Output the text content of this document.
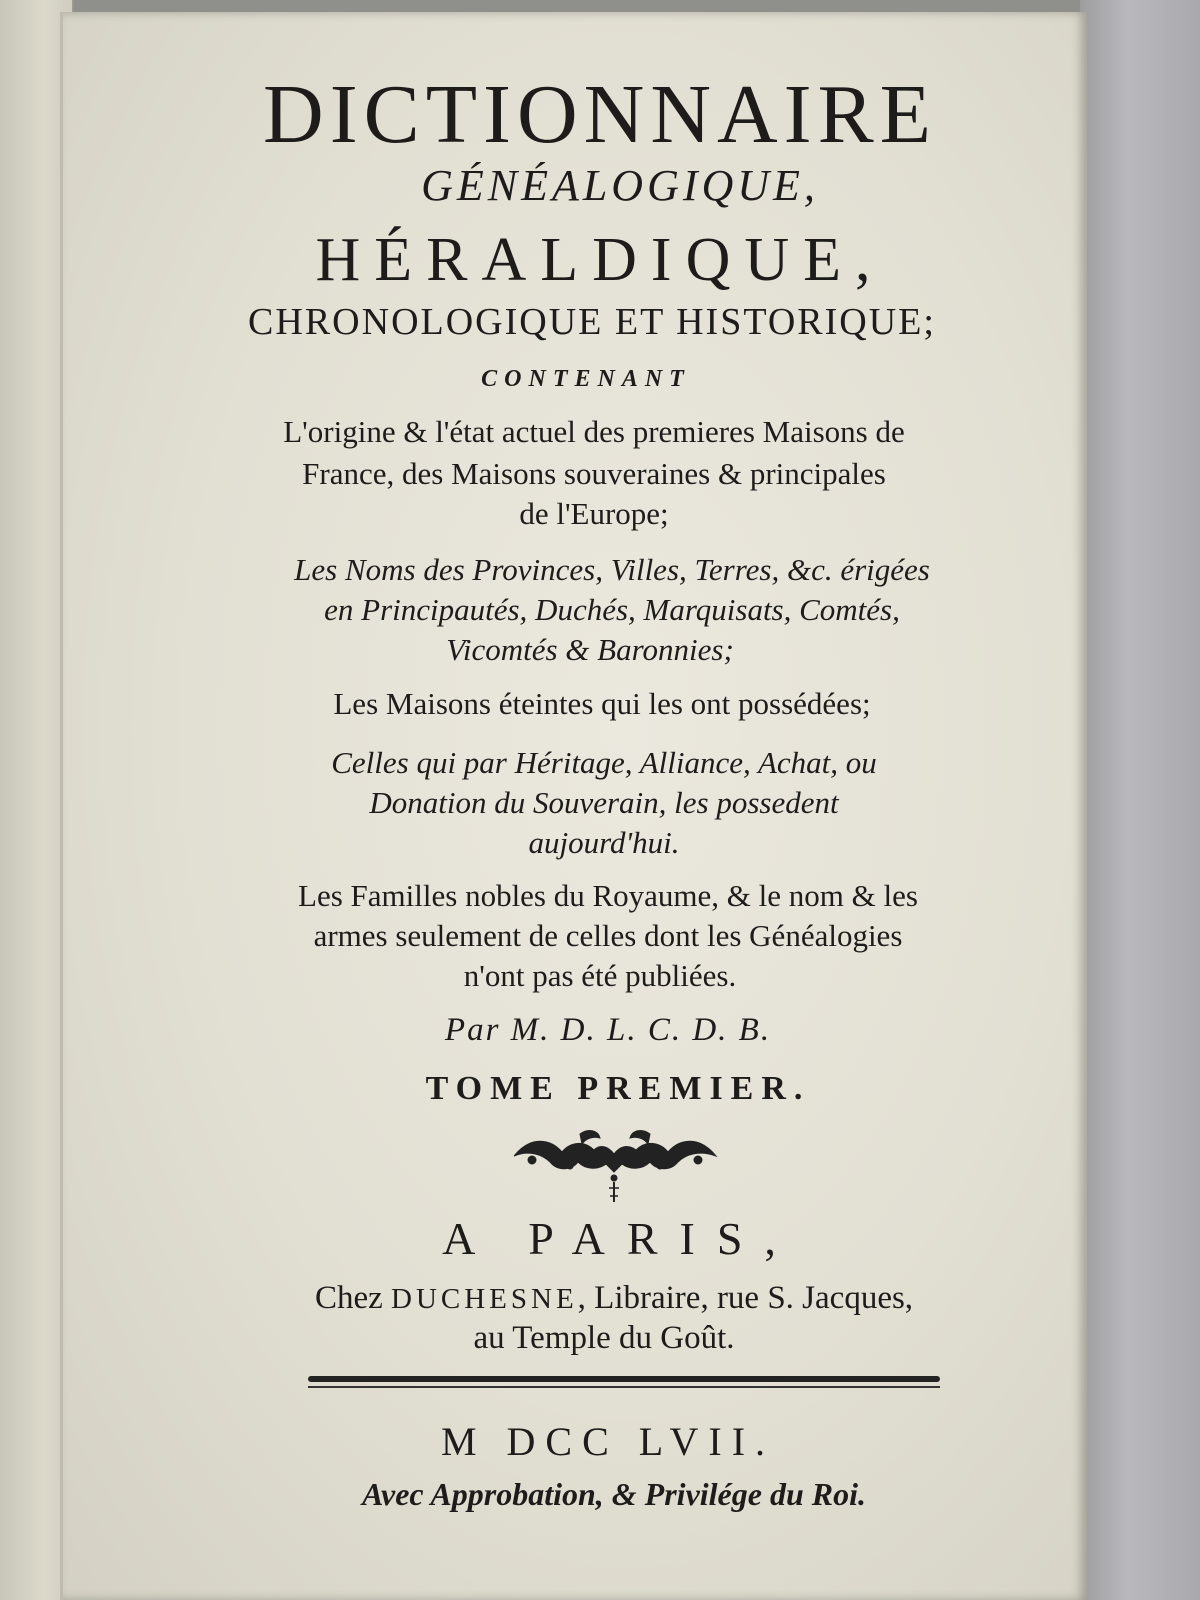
DICTIONNAIRE
GÉNÉALOGIQUE,
HÉRALDIQUE,
CHRONOLOGIQUE ET HISTORIQUE;
CONTENANT
L'origine & l'état actuel des premieres Maisons de
France, des Maisons souveraines & principales
de l'Europe;
Les Noms des Provinces, Villes, Terres, &c. érigées
en Principautés, Duchés, Marquisats, Comtés,
Vicomtés & Baronnies;
Les Maisons éteintes qui les ont possédées;
Celles qui par Héritage, Alliance, Achat, ou
Donation du Souverain, les possedent
aujourd'hui.
Les Familles nobles du Royaume, & le nom & les
armes seulement de celles dont les Généalogies
n'ont pas été publiées.
Par M. D. L. C. D. B.
TOME PREMIER.
A PARIS,
Chez DUCHESNE, Libraire, rue S. Jacques,
au Temple du Goût.
M DCC LVII.
Avec Approbation, & Privilége du Roi.
